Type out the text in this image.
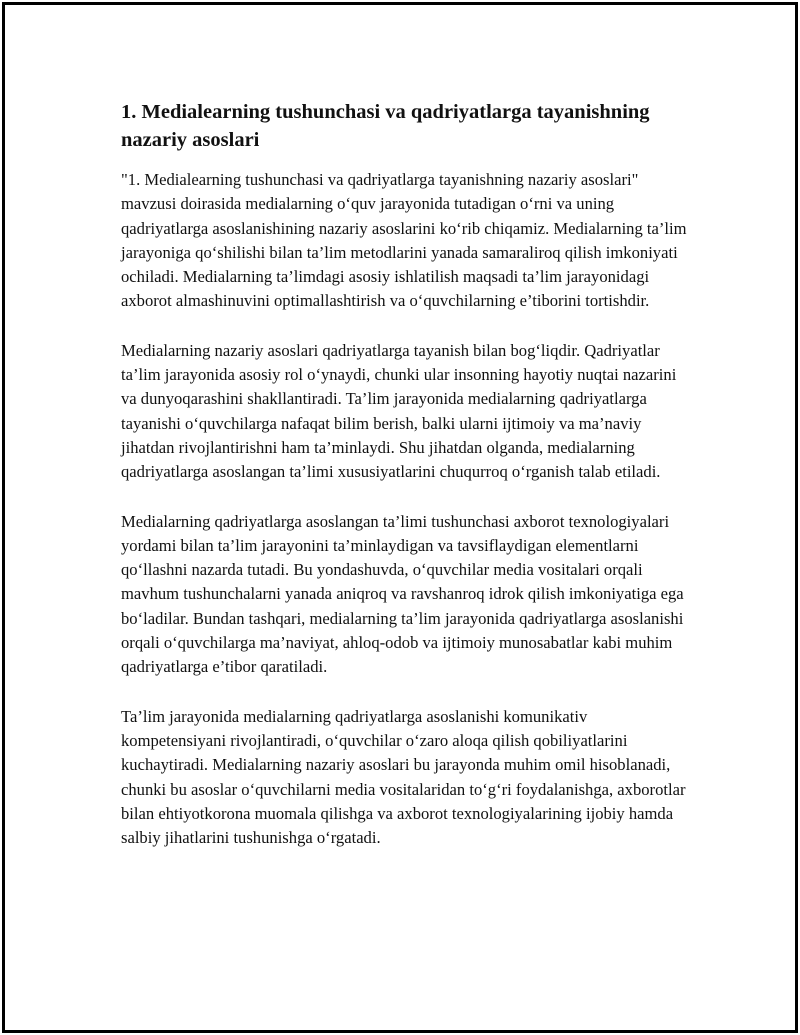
1. Medialearning tushunchasi va qadriyatlarga tayanishning nazariy asoslari

"1. Medialearning tushunchasi va qadriyatlarga tayanishning nazariy asoslari" mavzusi doirasida medialarning o‘quv jarayonida tutadigan o‘rni va uning qadriyatlarga asoslanishining nazariy asoslarini ko‘rib chiqamiz. Medialarning ta’lim jarayoniga qo‘shilishi bilan ta’lim metodlarini yanada samaraliroq qilish imkoniyati ochiladi. Medialarning ta’limdagi asosiy ishlatilish maqsadi ta’lim jarayonidagi axborot almashinuvini optimallashtirish va o‘quvchilarning e’tiborini tortishdir.

Medialarning nazariy asoslari qadriyatlarga tayanish bilan bog‘liqdir. Qadriyatlar ta’lim jarayonida asosiy rol o‘ynaydi, chunki ular insonning hayotiy nuqtai nazarini va dunyoqarashini shakllantiradi. Ta’lim jarayonida medialarning qadriyatlarga tayanishi o‘quvchilarga nafaqat bilim berish, balki ularni ijtimoiy va ma’naviy jihatdan rivojlantirishni ham ta’minlaydi. Shu jihatdan olganda, medialarning qadriyatlarga asoslangan ta’limi xususiyatlarini chuqurroq o‘rganish talab etiladi.

Medialarning qadriyatlarga asoslangan ta’limi tushunchasi axborot texnologiyalari yordami bilan ta’lim jarayonini ta’minlaydigan va tavsiflaydigan elementlarni qo‘llashni nazarda tutadi. Bu yondashuvda, o‘quvchilar media vositalari orqali mavhum tushunchalarni yanada aniqroq va ravshanroq idrok qilish imkoniyatiga ega bo‘ladilar. Bundan tashqari, medialarning ta’lim jarayonida qadriyatlarga asoslanishi orqali o‘quvchilarga ma’naviyat, ahloq-odob va ijtimoiy munosabatlar kabi muhim qadriyatlarga e’tibor qaratiladi.

Ta’lim jarayonida medialarning qadriyatlarga asoslanishi komunikativ kompetensiyani rivojlantiradi, o‘quvchilar o‘zaro aloqa qilish qobiliyatlarini kuchaytiradi. Medialarning nazariy asoslari bu jarayonda muhim omil hisoblanadi, chunki bu asoslar o‘quvchilarni media vositalaridan to‘g‘ri foydalanishga, axborotlar bilan ehtiyotkorona muomala qilishga va axborot texnologiyalarining ijobiy hamda salbiy jihatlarini tushunishga o‘rgatadi.
